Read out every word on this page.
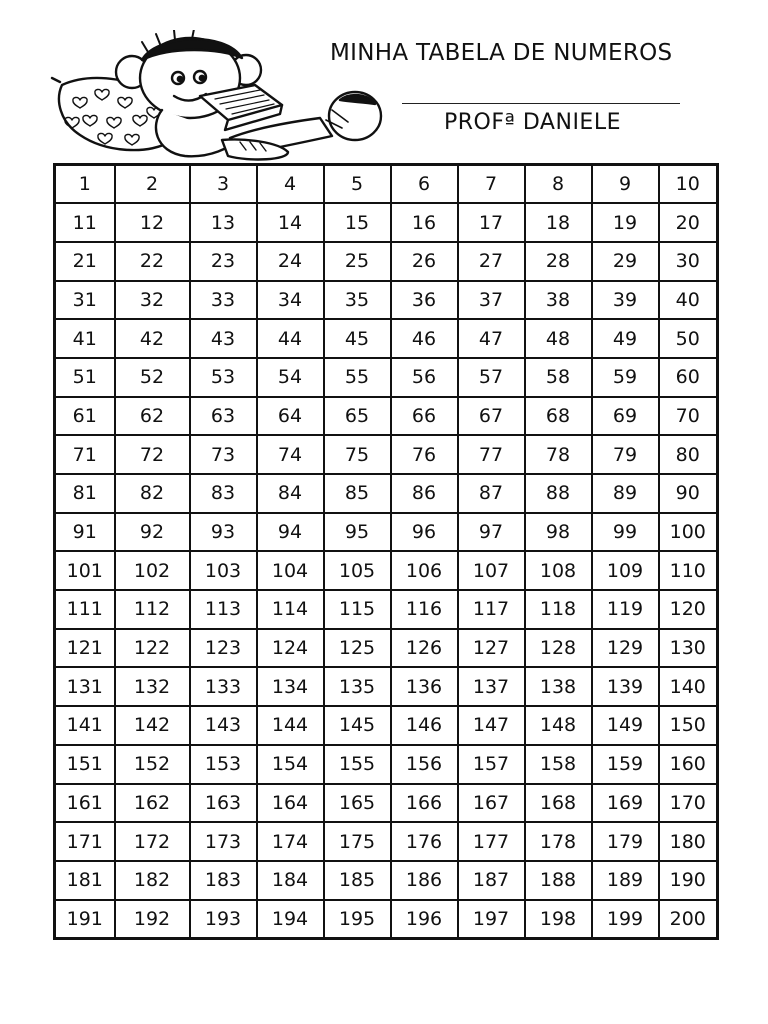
MINHA TABELA DE NUMEROS
PROFª DANIELE
1	2	3	4	5	6	7	8	9	10
11	12	13	14	15	16	17	18	19	20
21	22	23	24	25	26	27	28	29	30
31	32	33	34	35	36	37	38	39	40
41	42	43	44	45	46	47	48	49	50
51	52	53	54	55	56	57	58	59	60
61	62	63	64	65	66	67	68	69	70
71	72	73	74	75	76	77	78	79	80
81	82	83	84	85	86	87	88	89	90
91	92	93	94	95	96	97	98	99	100
101	102	103	104	105	106	107	108	109	110
111	112	113	114	115	116	117	118	119	120
121	122	123	124	125	126	127	128	129	130
131	132	133	134	135	136	137	138	139	140
141	142	143	144	145	146	147	148	149	150
151	152	153	154	155	156	157	158	159	160
161	162	163	164	165	166	167	168	169	170
171	172	173	174	175	176	177	178	179	180
181	182	183	184	185	186	187	188	189	190
191	192	193	194	195	196	197	198	199	200
